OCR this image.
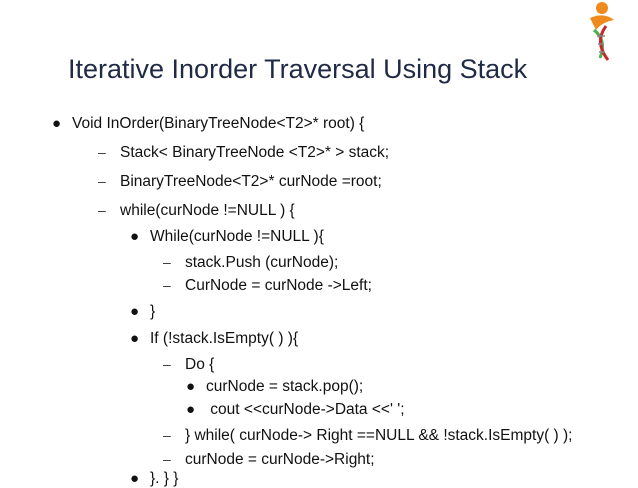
Iterative Inorder Traversal Using Stack
● Void InOrder(BinaryTreeNode<T2>* root) {
– Stack< BinaryTreeNode <T2>* > stack;
– BinaryTreeNode<T2>* curNode =root;
– while(curNode !=NULL ) {
● While(curNode !=NULL ){
– stack.Push (curNode);
– CurNode = curNode ->Left;
● }
● If (!stack.IsEmpty( ) ){
– Do {
● curNode = stack.pop();
● cout <<curNode->Data <<' ';
– } while( curNode-> Right ==NULL && !stack.IsEmpty( ) );
– curNode = curNode->Right;
● }. } }
